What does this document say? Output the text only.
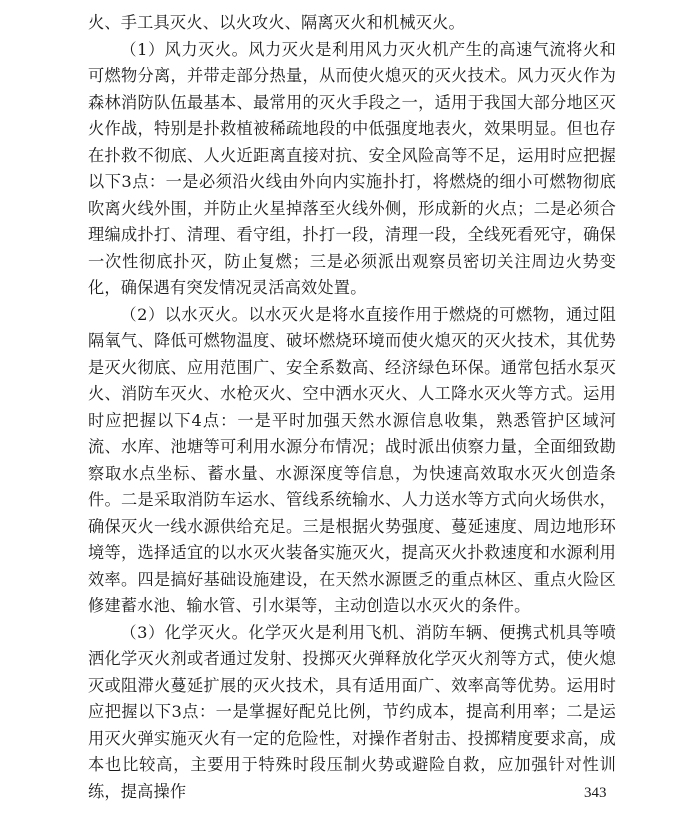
火、手工具灭火、以火攻火、隔离灭火和机械灭火。

（1）风力灭火。风力灭火是利用风力灭火机产生的高速气流将火和可燃物分离，并带走部分热量，从而使火熄灭的灭火技术。风力灭火作为森林消防队伍最基本、最常用的灭火手段之一，适用于我国大部分地区灭火作战，特别是扑救植被稀疏地段的中低强度地表火，效果明显。但也存在扑救不彻底、人火近距离直接对抗、安全风险高等不足，运用时应把握以下3点：一是必须沿火线由外向内实施扑打，将燃烧的细小可燃物彻底吹离火线外围，并防止火星掉落至火线外侧，形成新的火点；二是必须合理编成扑打、清理、看守组，扑打一段，清理一段，全线死看死守，确保一次性彻底扑灭，防止复燃；三是必须派出观察员密切关注周边火势变化，确保遇有突发情况灵活高效处置。

（2）以水灭火。以水灭火是将水直接作用于燃烧的可燃物，通过阻隔氧气、降低可燃物温度、破坏燃烧环境而使火熄灭的灭火技术，其优势是灭火彻底、应用范围广、安全系数高、经济绿色环保。通常包括水泵灭火、消防车灭火、水枪灭火、空中洒水灭火、人工降水灭火等方式。运用时应把握以下4点：一是平时加强天然水源信息收集，熟悉管护区域河流、水库、池塘等可利用水源分布情况；战时派出侦察力量，全面细致勘察取水点坐标、蓄水量、水源深度等信息，为快速高效取水灭火创造条件。二是采取消防车运水、管线系统输水、人力送水等方式向火场供水，确保灭火一线水源供给充足。三是根据火势强度、蔓延速度、周边地形环境等，选择适宜的以水灭火装备实施灭火，提高灭火扑救速度和水源利用效率。四是搞好基础设施建设，在天然水源匮乏的重点林区、重点火险区修建蓄水池、输水管、引水渠等，主动创造以水灭火的条件。

（3）化学灭火。化学灭火是利用飞机、消防车辆、便携式机具等喷洒化学灭火剂或者通过发射、投掷灭火弹释放化学灭火剂等方式，使火熄灭或阻滞火蔓延扩展的灭火技术，具有适用面广、效率高等优势。运用时应把握以下3点：一是掌握好配兑比例，节约成本，提高利用率；二是运用灭火弹实施灭火有一定的危险性，对操作者射击、投掷精度要求高，成本也比较高，主要用于特殊时段压制火势或避险自救，应加强针对性训练，提高操作	343
